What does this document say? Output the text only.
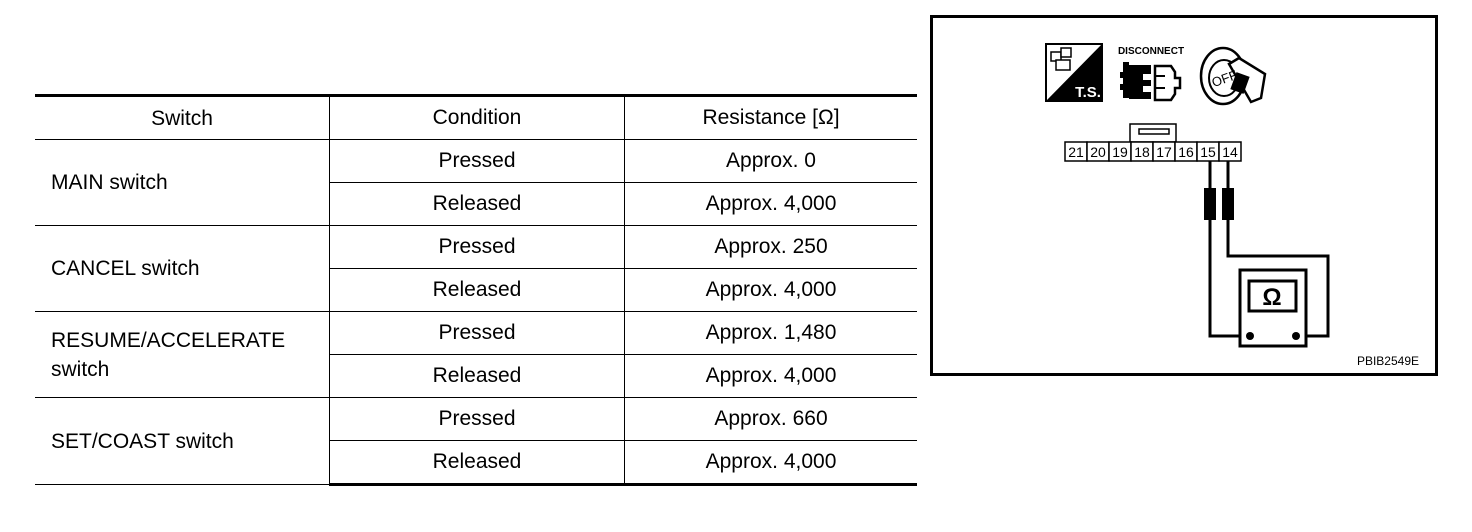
Switch	Condition	Resistance [Ω]
MAIN switch	Pressed	Approx. 0
	Released	Approx. 4,000
CANCEL switch	Pressed	Approx. 250
	Released	Approx. 4,000
RESUME/ACCELERATE switch	Pressed	Approx. 1,480
	Released	Approx. 4,000
SET/COAST switch	Pressed	Approx. 660
	Released	Approx. 4,000
T.S.
DISCONNECT
OFF
21 20 19 18 17 16 15 14
Ω
PBIB2549E
